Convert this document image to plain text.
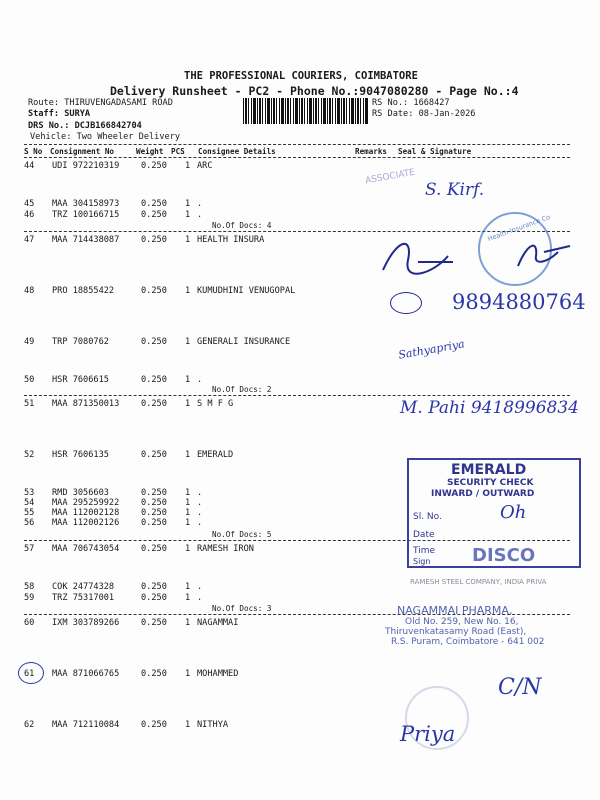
THE PROFESSIONAL COURIERS, COIMBATORE
Delivery Runsheet - PC2 - Phone No.:9047080280 - Page No.:4
Route: THIRUVENGADASAMI ROAD
Staff: SURYA
DRS No.: DCJB166842704
Vehicle: Two Wheeler Delivery
RS No.: 1668427
RS Date: 08-Jan-2026
S No Consignment No	Weight PCS Consignee Details	Remarks Seal & Signature
44 UDI 972210319	0.250 1 ARC
45 MAA 304158973	0.250 1 .
46 TRZ 100166715	0.250 1 .
No.Of Docs: 4
47 MAA 714438087	0.250 1 HEALTH INSURA
48 PRO 18855422	0.250 1 KUMUDHINI VENUGOPAL
49 TRP 7080762	0.250 1 GENERALI INSURANCE
50 HSR 7606615	0.250 1 .
No.Of Docs: 2
51 MAA 871350013	0.250 1 S M F G
52 HSR 7606135	0.250 1 EMERALD
53 RMD 3056603	0.250 1 .
54 MAA 295259922	0.250 1 .
55 MAA 112002128	0.250 1 .
56 MAA 112002126	0.250 1 .
No.Of Docs: 5
57 MAA 706743054	0.250 1 RAMESH IRON
58 COK 24774328	0.250 1 .
59 TRZ 75317001	0.250 1 .
No.Of Docs: 3
60 IXM 303789266	0.250 1 NAGAMMAI
61 MAA 871066765	0.250 1 MOHAMMED
62 MAA 712110084	0.250 1 NITHYA
ASSOCIATE
S. Kirf.
Health Insurance Co
9894880764
Sathyapriya
M. Pahi 9418996834
EMERALD
SECURITY CHECK
INWARD / OUTWARD
Sl. No.
Date
Time
Sign
Oh
DISCO
RAMESH STEEL COMPANY, INDIA PRIVA
NAGAMMAI PHARMA,
Old No. 259, New No. 16,
Thiruvenkatasamy Road (East),
R.S. Puram, Coimbatore - 641 002
C/N
Priya
